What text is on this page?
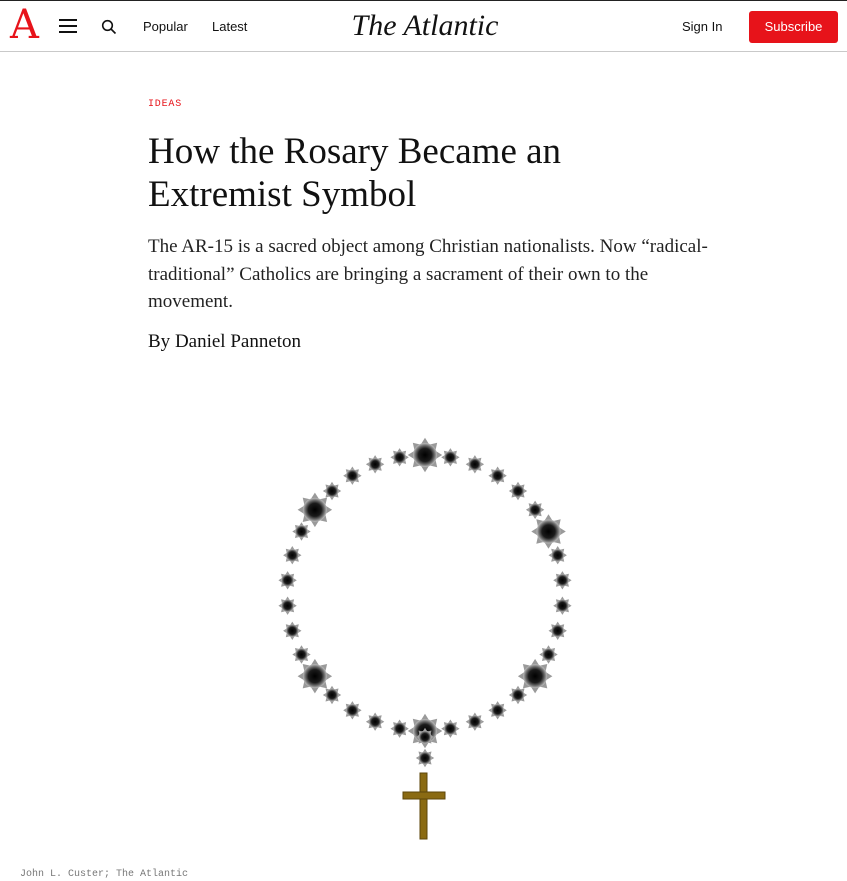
A	Popular Latest	The Atlantic	Sign In	Subscribe
IDEAS
How the Rosary Became an Extremist Symbol

The AR-15 is a sacred object among Christian nationalists. Now “radical-traditional” Catholics are bringing a sacrament of their own to the movement.

By Daniel Panneton
John L. Custer; The Atlantic
